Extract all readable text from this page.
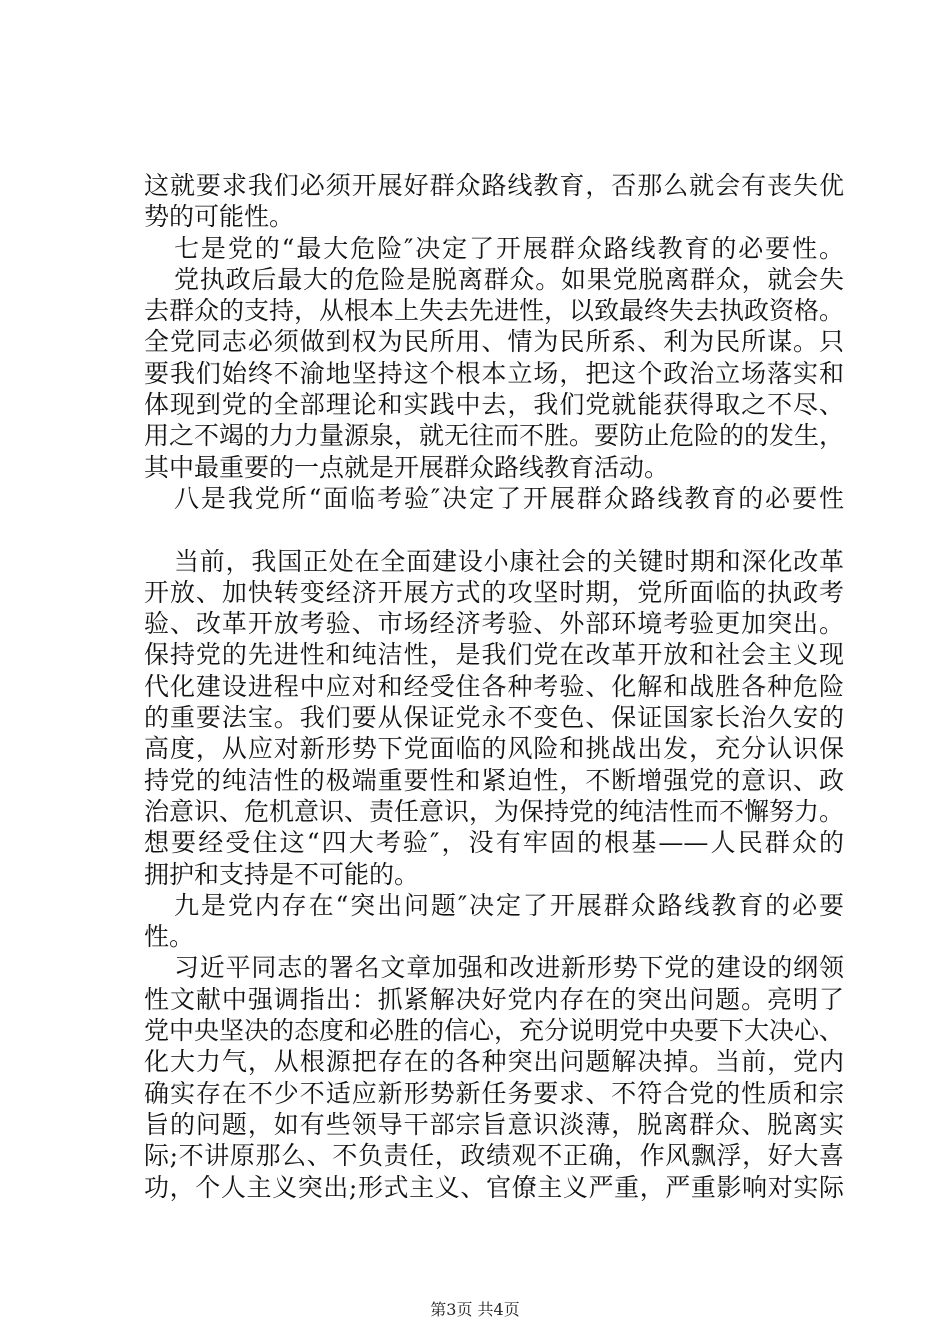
这就要求我们必须开展好群众路线教育，否那么就会有丧失优
势的可能性。
七是党的“最大危险″决定了开展群众路线教育的必要性。
党执政后最大的危险是脱离群众。如果党脱离群众，就会失
去群众的支持，从根本上失去先进性，以致最终失去执政资格。
全党同志必须做到权为民所用、情为民所系、利为民所谋。只
要我们始终不渝地坚持这个根本立场，把这个政治立场落实和
体现到党的全部理论和实践中去，我们党就能获得取之不尽、
用之不竭的力力量源泉，就无往而不胜。要防止危险的的发生，
其中最重要的一点就是开展群众路线教育活动。
八是我党所“面临考验″决定了开展群众路线教育的必要性
当前，我国正处在全面建设小康社会的关键时期和深化改革
开放、加快转变经济开展方式的攻坚时期，党所面临的执政考
验、改革开放考验、市场经济考验、外部环境考验更加突出。
保持党的先进性和纯洁性，是我们党在改革开放和社会主义现
代化建设进程中应对和经受住各种考验、化解和战胜各种危险
的重要法宝。我们要从保证党永不变色、保证国家长治久安的
高度，从应对新形势下党面临的风险和挑战出发，充分认识保
持党的纯洁性的极端重要性和紧迫性，不断增强党的意识、政
治意识、危机意识、责任意识，为保持党的纯洁性而不懈努力。
想要经受住这“四大考验″，没有牢固的根基——人民群众的
拥护和支持是不可能的。
九是党内存在“突出问题″决定了开展群众路线教育的必要
性。
习近平同志的署名文章加强和改进新形势下党的建设的纲领
性文献中强调指出：抓紧解决好党内存在的突出问题。亮明了
党中央坚决的态度和必胜的信心，充分说明党中央要下大决心、
化大力气，从根源把存在的各种突出问题解决掉。当前，党内
确实存在不少不适应新形势新任务要求、不符合党的性质和宗
旨的问题，如有些领导干部宗旨意识淡薄，脱离群众、脱离实
际;不讲原那么、不负责任，政绩观不正确，作风飘浮，好大喜
功，个人主义突出;形式主义、官僚主义严重，严重影响对实际
第3页 共4页
